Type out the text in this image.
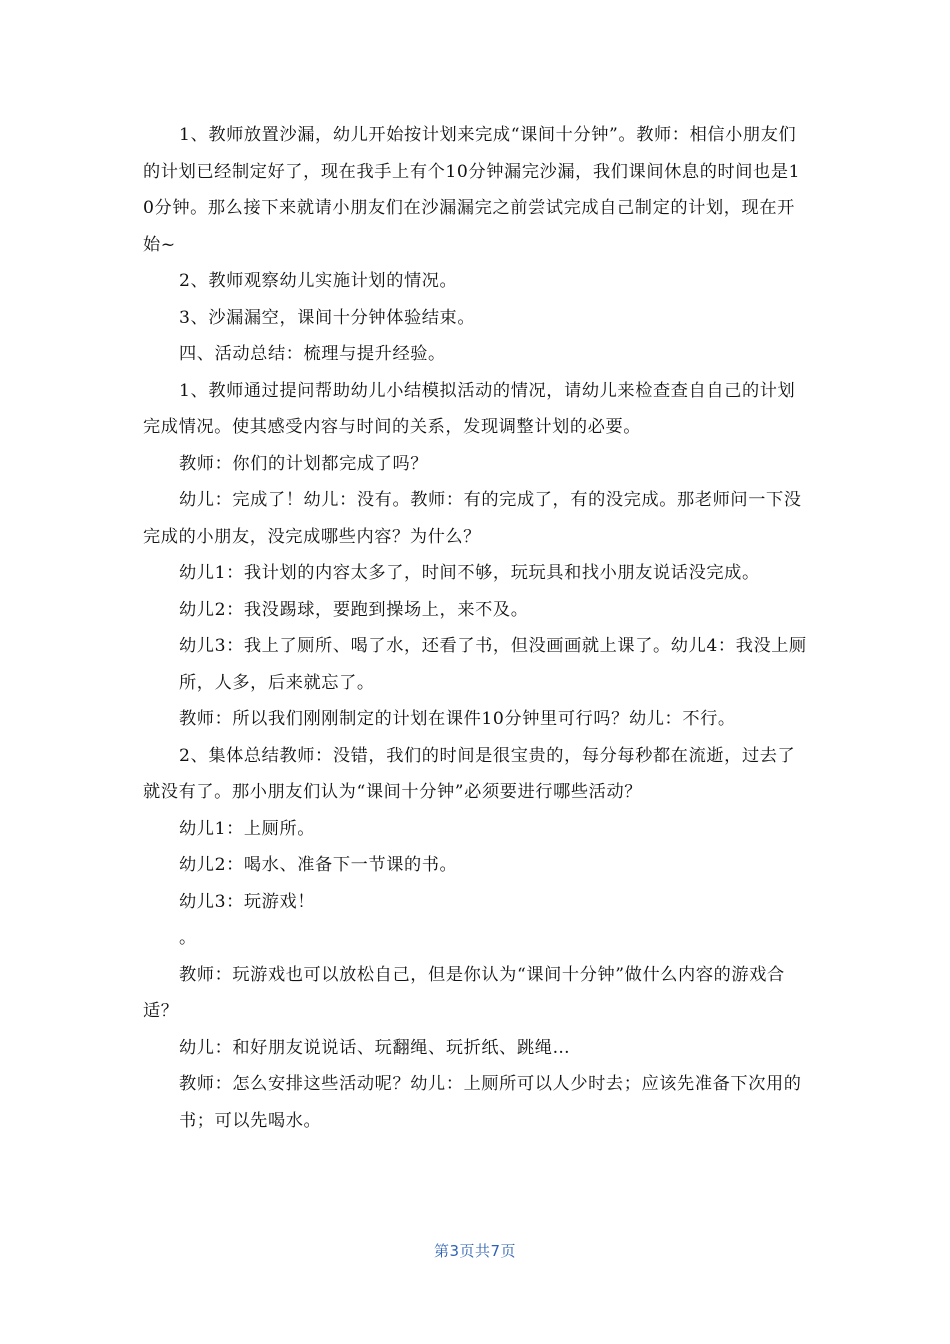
1、教师放置沙漏，幼儿开始按计划来完成“课间十分钟”。教师：相信小朋友们的计划已经制定好了，现在我手上有个10分钟漏完沙漏，我们课间休息的时间也是10分钟。那么接下来就请小朋友们在沙漏漏完之前尝试完成自己制定的计划，现在开始~

2、教师观察幼儿实施计划的情况。

3、沙漏漏空，课间十分钟体验结束。

四、活动总结：梳理与提升经验。

1、教师通过提问帮助幼儿小结模拟活动的情况，请幼儿来检查查自自己的计划完成情况。使其感受内容与时间的关系，发现调整计划的必要。

教师：你们的计划都完成了吗？

幼儿：完成了！幼儿：没有。教师：有的完成了，有的没完成。那老师问一下没完成的小朋友，没完成哪些内容？为什么？

幼儿1：我计划的内容太多了，时间不够，玩玩具和找小朋友说话没完成。

幼儿2：我没踢球，要跑到操场上，来不及。

幼儿3：我上了厕所、喝了水，还看了书，但没画画就上课了。幼儿4：我没上厕所，人多，后来就忘了。

教师：所以我们刚刚制定的计划在课件10分钟里可行吗？幼儿：不行。

2、集体总结教师：没错，我们的时间是很宝贵的，每分每秒都在流逝，过去了就没有了。那小朋友们认为“课间十分钟”必须要进行哪些活动？

幼儿1：上厕所。

幼儿2：喝水、准备下一节课的书。

幼儿3：玩游戏！

。

教师：玩游戏也可以放松自己，但是你认为“课间十分钟”做什么内容的游戏合适？

幼儿：和好朋友说说话、玩翻绳、玩折纸、跳绳…

教师：怎么安排这些活动呢？幼儿：上厕所可以人少时去；应该先准备下次用的书；可以先喝水。

第3页共7页
